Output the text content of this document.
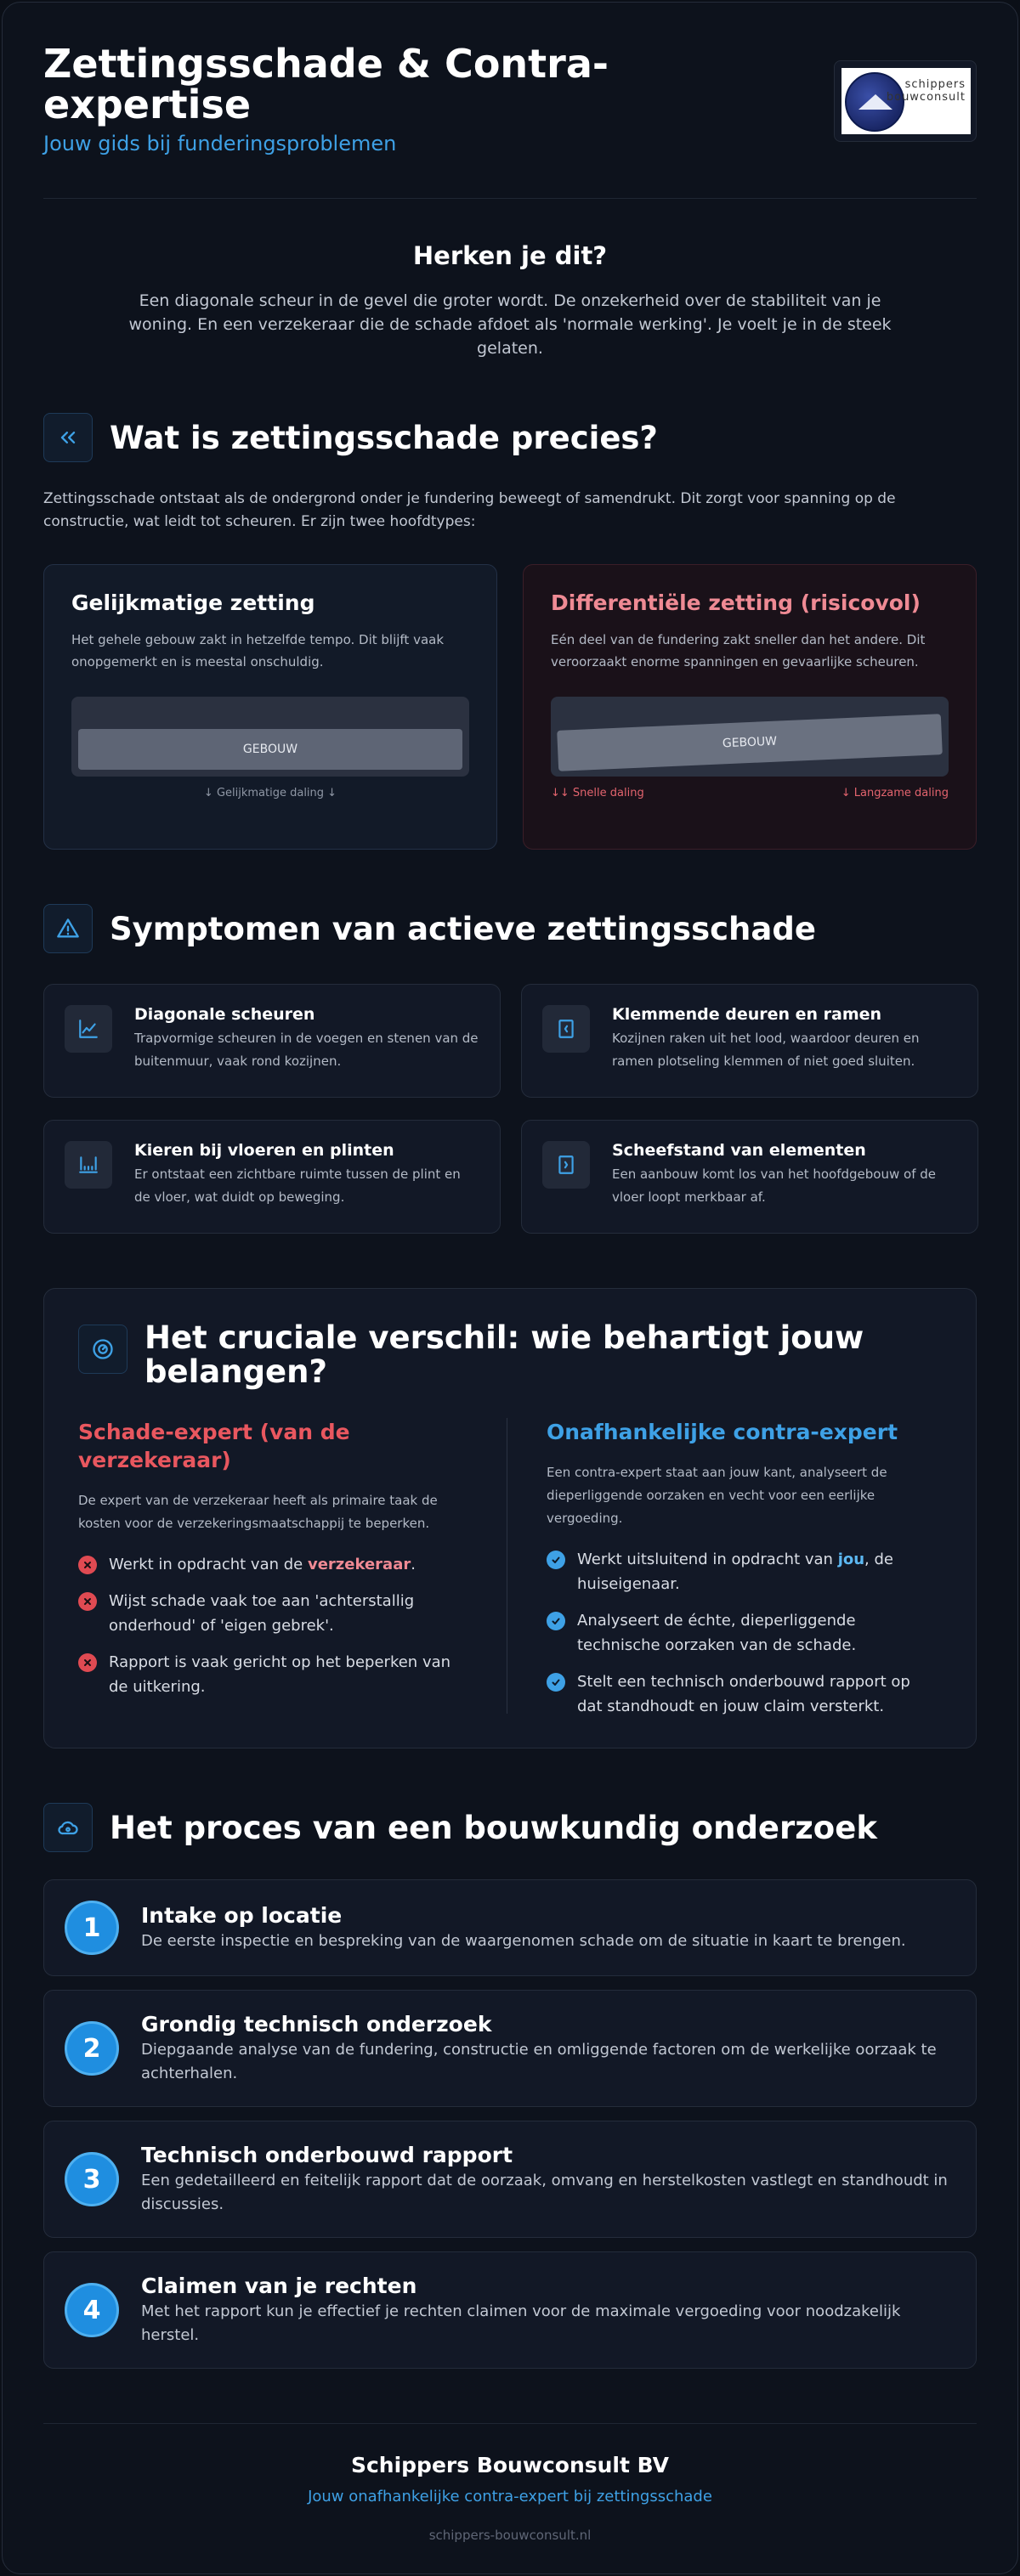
Zettingsschade & Contra-expertise
Jouw gids bij funderingsproblemen
schippers
bouwconsult
Herken je dit?

Een diagonale scheur in de gevel die groter wordt. De onzekerheid over de stabiliteit van je woning. En een verzekeraar die de schade afdoet als 'normale werking'. Je voelt je in de steek gelaten.

Wat is zettingsschade precies?

Zettingsschade ontstaat als de ondergrond onder je fundering beweegt of samendrukt. Dit zorgt voor spanning op de constructie, wat leidt tot scheuren. Er zijn twee hoofdtypes:

Gelijkmatige zetting

Het gehele gebouw zakt in hetzelfde tempo. Dit blijft vaak onopgemerkt en is meestal onschuldig.

GEBOUW
↓ Gelijkmatige daling ↓
Differentiële zetting (risicovol)

Eén deel van de fundering zakt sneller dan het andere. Dit veroorzaakt enorme spanningen en gevaarlijke scheuren.

GEBOUW
↓↓ Snelle daling	↓ Langzame daling
Symptomen van actieve zettingsschade
Diagonale scheuren

Trapvormige scheuren in de voegen en stenen van de buitenmuur, vaak rond kozijnen.

Klemmende deuren en ramen

Kozijnen raken uit het lood, waardoor deuren en ramen plotseling klemmen of niet goed sluiten.

Kieren bij vloeren en plinten

Er ontstaat een zichtbare ruimte tussen de plint en de vloer, wat duidt op beweging.

Scheefstand van elementen

Een aanbouw komt los van het hoofdgebouw of de vloer loopt merkbaar af.

Het cruciale verschil: wie behartigt jouw belangen?
Schade-expert (van de verzekeraar)

De expert van de verzekeraar heeft als primaire taak de kosten voor de verzekeringsmaatschappij te beperken.

Werkt in opdracht van de verzekeraar.
Wijst schade vaak toe aan 'achterstallig onderhoud' of 'eigen gebrek'.
Rapport is vaak gericht op het beperken van de uitkering.
Onafhankelijke contra-expert

Een contra-expert staat aan jouw kant, analyseert de dieperliggende oorzaken en vecht voor een eerlijke vergoeding.

Werkt uitsluitend in opdracht van jou, de huiseigenaar.
Analyseert de échte, dieperliggende technische oorzaken van de schade.
Stelt een technisch onderbouwd rapport op dat standhoudt en jouw claim versterkt.
Het proces van een bouwkundig onderzoek
1	Intake op locatie

De eerste inspectie en bespreking van de waargenomen schade om de situatie in kaart te brengen.

2
Grondig technisch onderzoek

Diepgaande analyse van de fundering, constructie en omliggende factoren om de werkelijke oorzaak te achterhalen.

3
Technisch onderbouwd rapport

Een gedetailleerd en feitelijk rapport dat de oorzaak, omvang en herstelkosten vastlegt en standhoudt in discussies.

4
Claimen van je rechten

Met het rapport kun je effectief je rechten claimen voor de maximale vergoeding voor noodzakelijk herstel.

Schippers Bouwconsult BV
Jouw onafhankelijke contra-expert bij zettingsschade
schippers-bouwconsult.nl
